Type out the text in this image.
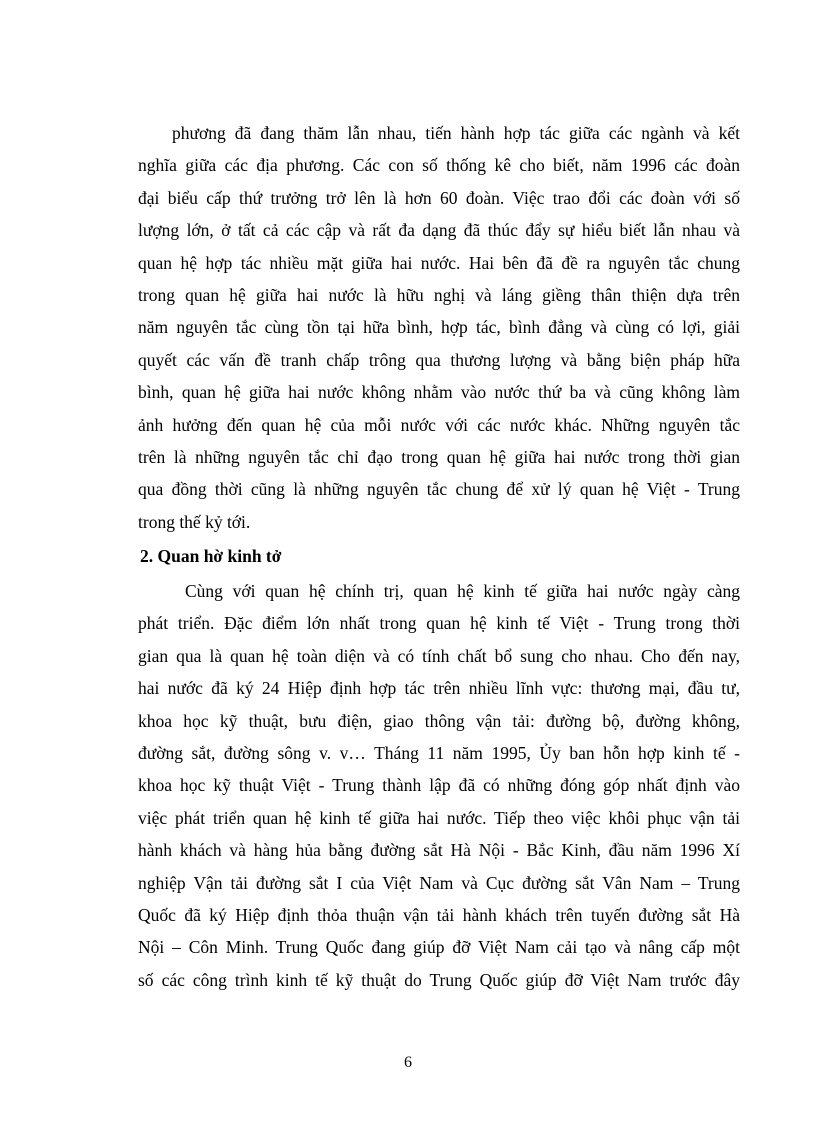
phương đã đang thăm lẫn nhau, tiến hành hợp tác giữa các ngành và kết
nghĩa giữa các địa phương. Các con số thống kê cho biết, năm 1996 các đoàn
đại biểu cấp thứ trưởng trở lên là hơn 60 đoàn. Việc trao đổi các đoàn với số
lượng lớn, ở tất cả các cập và rất đa dạng đã thúc đẩy sự hiểu biết lẫn nhau và
quan hệ hợp tác nhiều mặt giữa hai nước. Hai bên đã đề ra nguyên tắc chung
trong quan hệ giữa hai nước là hữu nghị và láng giềng thân thiện dựa trên
năm nguyên tắc cùng tồn tại hữa bình, hợp tác, bình đẳng và cùng có lợi, giải
quyết các vấn đề tranh chấp trông qua thương lượng và bằng biện pháp hữa
bình, quan hệ giữa hai nước không nhằm vào nước thứ ba và cũng không làm
ảnh hưởng đến quan hệ của mỗi nước với các nước khác. Những nguyên tắc
trên là những nguyên tắc chỉ đạo trong quan hệ giữa hai nước trong thời gian
qua đồng thời cũng là những nguyên tắc chung để xử lý quan hệ Việt - Trung
trong thế kỷ tới.
2. Quan hờ kinh tở
Cùng với quan hệ chính trị, quan hệ kinh tế giữa hai nước ngày càng
phát triển. Đặc điểm lớn nhất trong quan hệ kinh tế Việt - Trung trong thời
gian qua là quan hệ toàn diện và có tính chất bổ sung cho nhau. Cho đến nay,
hai nước đã ký 24 Hiệp định hợp tác trên nhiều lĩnh vực: thương mại, đầu tư,
khoa học kỹ thuật, bưu điện, giao thông vận tải: đường bộ, đường không,
đường sắt, đường sông v. v… Tháng 11 năm 1995, Ủy ban hỗn hợp kinh tế -
khoa học kỹ thuật Việt - Trung thành lập đã có những đóng góp nhất định vào
việc phát triển quan hệ kinh tế giữa hai nước. Tiếp theo việc khôi phục vận tải
hành khách và hàng hủa bằng đường sắt Hà Nội - Bắc Kinh, đầu năm 1996 Xí
nghiệp Vận tải đường sắt I của Việt Nam và Cục đường sắt Vân Nam – Trung
Quốc đã ký Hiệp định thỏa thuận vận tải hành khách trên tuyến đường sắt Hà
Nội – Côn Minh. Trung Quốc đang giúp đỡ Việt Nam cải tạo và nâng cấp một
số các công trình kinh tế kỹ thuật do Trung Quốc giúp đỡ Việt Nam trước đây
6
